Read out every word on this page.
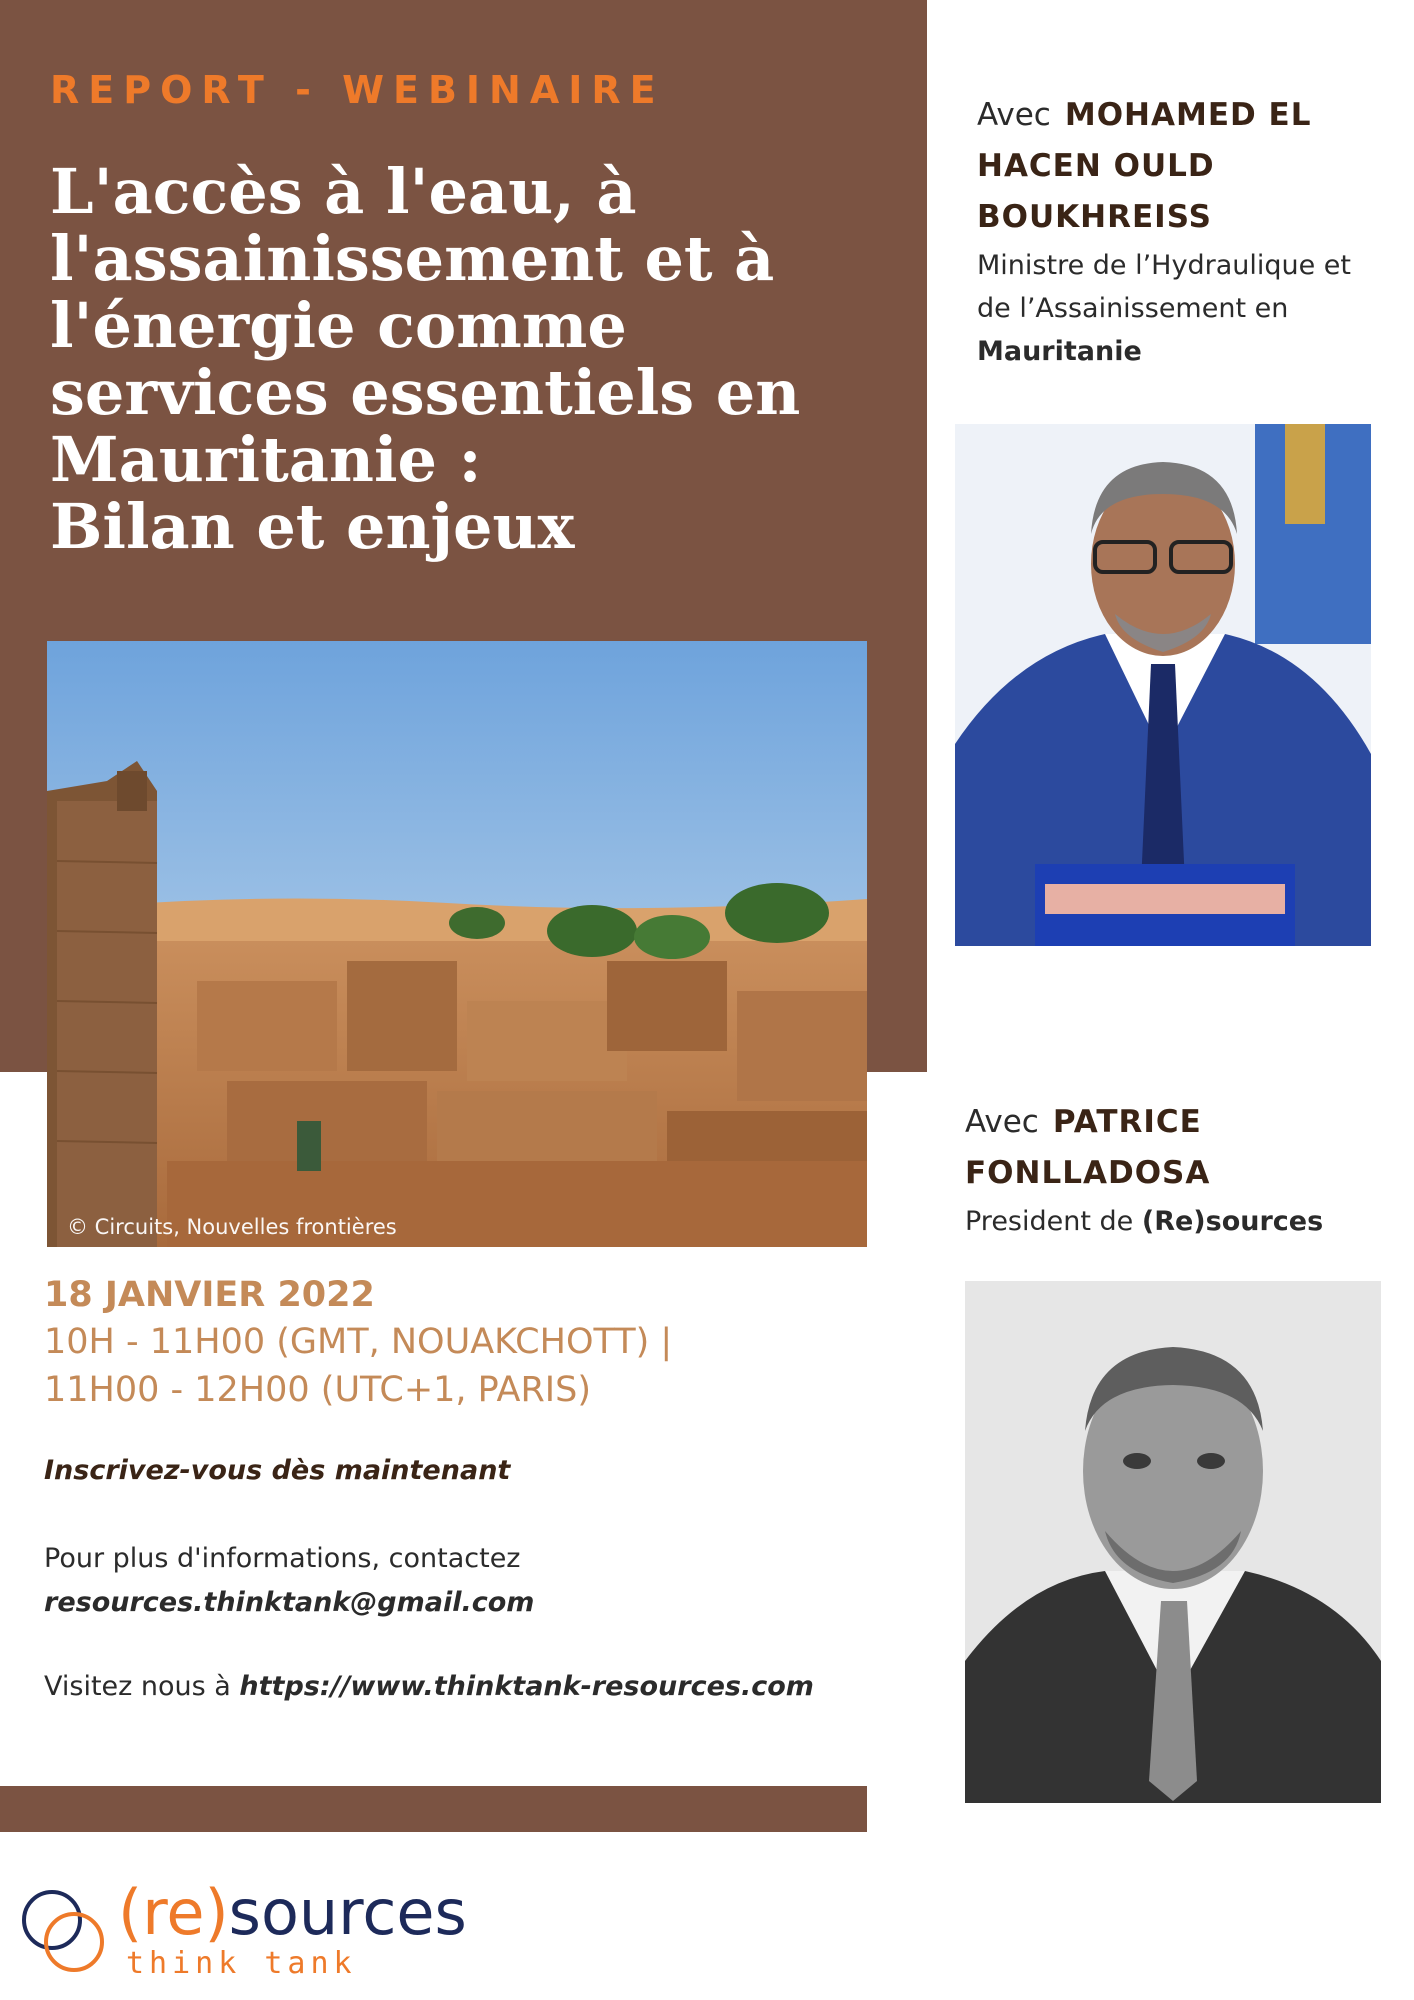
REPORT - WEBINAIRE
L'accès à l'eau, à
l'assainissement et à
l'énergie comme
services essentiels en
Mauritanie :
Bilan et enjeux
© Circuits, Nouvelles frontières
18 JANVIER 2022
10H - 11H00 (GMT, NOUAKCHOTT) |
11H00 - 12H00 (UTC+1, PARIS)
Inscrivez-vous dès maintenant
Pour plus d'informations, contactez
resources.thinktank@gmail.com
Visitez nous à https://www.thinktank-resources.com
(re)sources
think tank
Avec MOHAMED EL
HACEN OULD
BOUKHREISS
Ministre de l’Hydraulique et
de l’Assainissement en
Mauritanie
Avec PATRICE
FONLLADOSA
President de (Re)sources
